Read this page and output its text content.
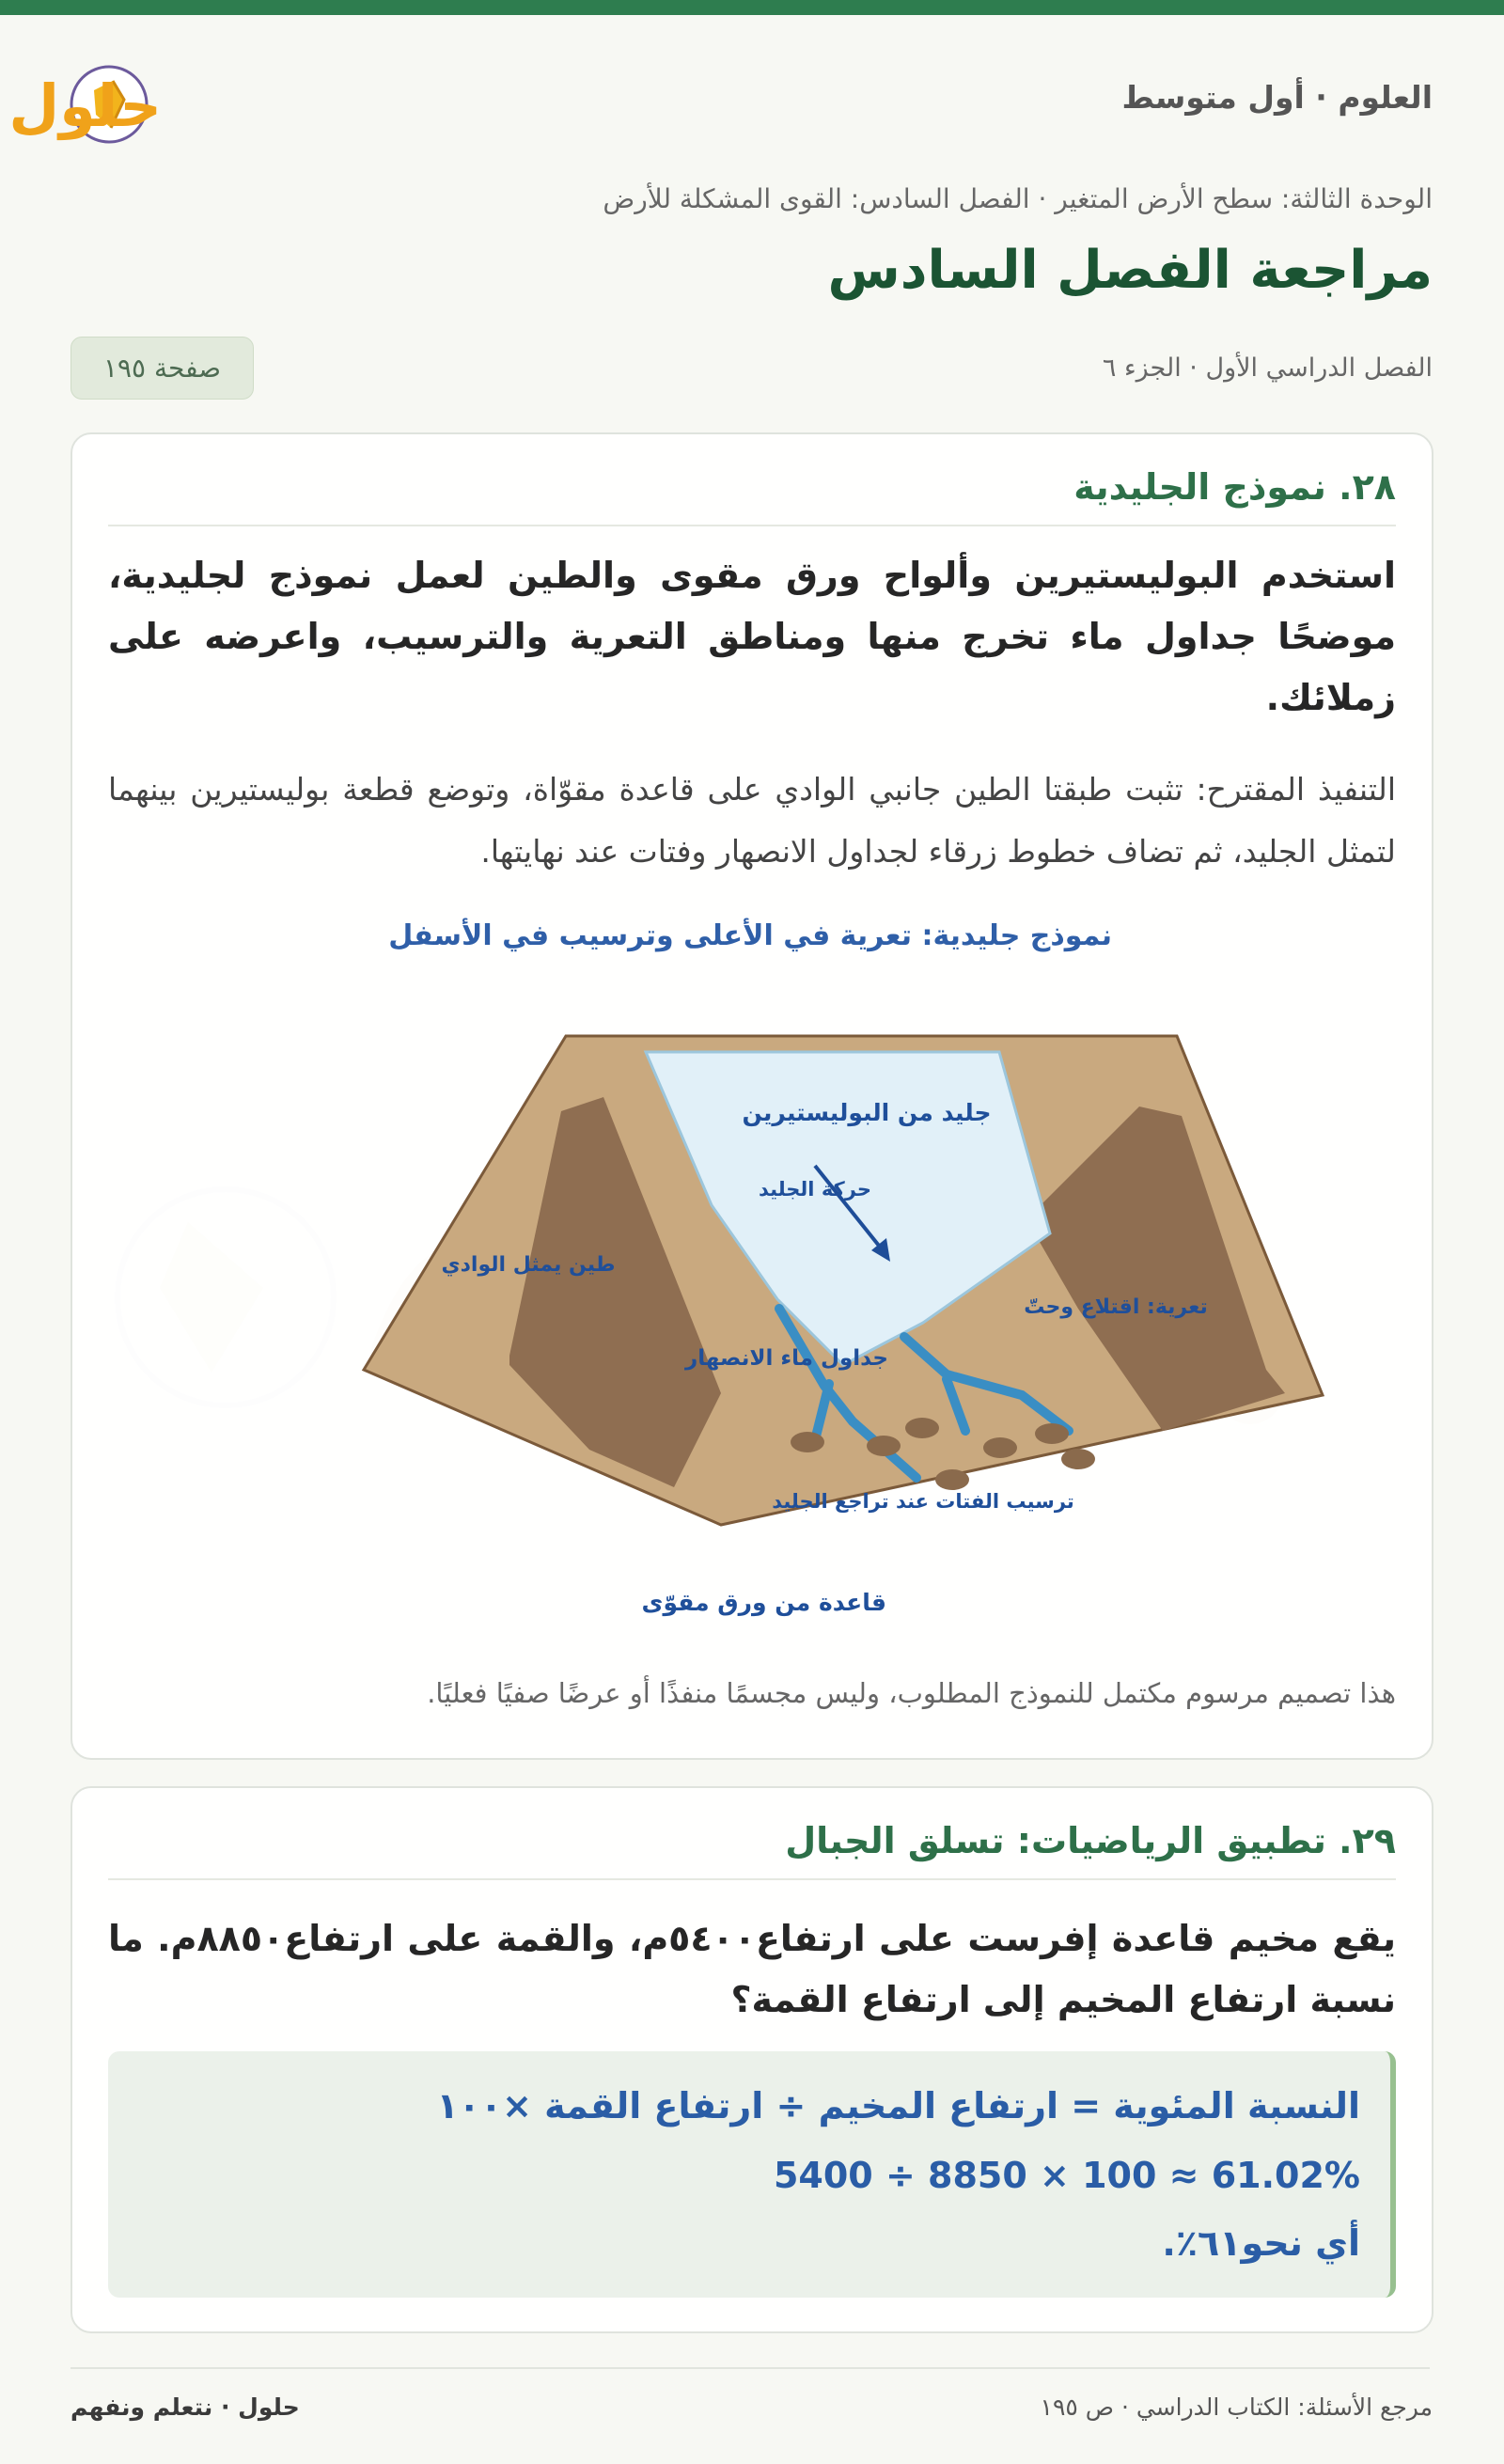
حلول	العلوم · أول متوسط
الوحدة الثالثة: سطح الأرض المتغير · الفصل السادس: القوى المشكلة للأرض
مراجعة الفصل السادس
الفصل الدراسي الأول · الجزء ٦
صفحة ١٩٥
٢٨. نموذج الجليدية

استخدم البوليستيرين وألواح ورق مقوى والطين لعمل نموذج لجليدية، موضحًا جداول ماء تخرج منها ومناطق التعرية والترسيب، واعرضه على زملائك.

التنفيذ المقترح: تثبت طبقتا الطين جانبي الوادي على قاعدة مقوّاة، وتوضع قطعة بوليستيرين بينهما لتمثل الجليد، ثم تضاف خطوط زرقاء لجداول الانصهار وفتات عند نهايتها.

نموذج جليدية: تعرية في الأعلى وترسيب في الأسفل
جليد من البوليستيرين
حركة الجليد
طين يمثل الوادي
تعرية: اقتلاع وحتّ
جداول ماء الانصهار
ترسيب الفتات عند تراجع الجليد
قاعدة من ورق مقوّى
هذا تصميم مرسوم مكتمل للنموذج المطلوب، وليس مجسمًا منفذًا أو عرضًا صفيًا فعليًا.
٢٩. تطبيق الرياضيات: تسلق الجبال

يقع مخيم قاعدة إفرست على ارتفاع٥٤٠٠م، والقمة على ارتفاع٨٨٥٠م. ما نسبة ارتفاع المخيم إلى ارتفاع القمة؟

النسبة المئوية = ارتفاع المخيم ÷ ارتفاع القمة ×١٠٠
5400 ÷ 8850 × 100 ≈ 61.02%
أي نحو٦١٪.
مرجع الأسئلة: الكتاب الدراسي · ص ١٩٥
حلول · نتعلم ونفهم
